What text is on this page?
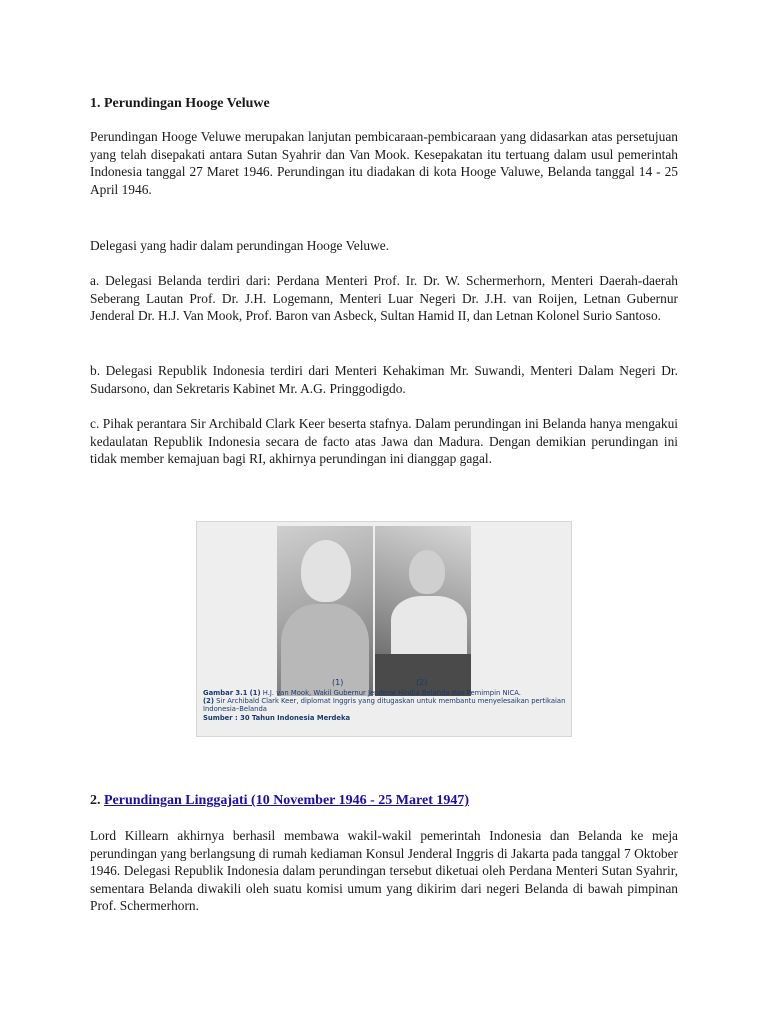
1. Perundingan Hooge Veluwe

Perundingan Hooge Veluwe merupakan lanjutan pembicaraan-pembicaraan yang didasarkan atas persetujuan yang telah disepakati antara Sutan Syahrir dan Van Mook. Kesepakatan itu tertuang dalam usul pemerintah Indonesia tanggal 27 Maret 1946. Perundingan itu diadakan di kota Hooge Valuwe, Belanda tanggal 14 - 25 April 1946.

Delegasi yang hadir dalam perundingan Hooge Veluwe.

a. Delegasi Belanda terdiri dari: Perdana Menteri Prof. Ir. Dr. W. Schermerhorn, Menteri Daerah-daerah Seberang Lautan Prof. Dr. J.H. Logemann, Menteri Luar Negeri Dr. J.H. van Roijen, Letnan Gubernur Jenderal Dr. H.J. Van Mook, Prof. Baron van Asbeck, Sultan Hamid II, dan Letnan Kolonel Surio Santoso.

b. Delegasi Republik Indonesia terdiri dari Menteri Kehakiman Mr. Suwandi, Menteri Dalam Negeri Dr. Sudarsono, dan Sekretaris Kabinet Mr. A.G. Pringgodigdo.

c. Pihak perantara Sir Archibald Clark Keer beserta stafnya. Dalam perundingan ini Belanda hanya mengakui kedaulatan Republik Indonesia secara de facto atas Jawa dan Madura. Dengan demikian perundingan ini tidak member kemajuan bagi RI, akhirnya perundingan ini dianggap gagal.

(1)	(2)
Gambar 3.1 (1) H.J. van Mook, Wakil Gubernur Jenderal Hindia Belanda dan Pemimpin NICA.
(2) Sir Archibald Clark Keer, diplomat Inggris yang ditugaskan untuk membantu menyelesaikan pertikaian Indonesia–Belanda
Sumber : 30 Tahun Indonesia Merdeka
2. Perundingan Linggajati (10 November 1946 - 25 Maret 1947)

Lord Killearn akhirnya berhasil membawa wakil-wakil pemerintah Indonesia dan Belanda ke meja perundingan yang berlangsung di rumah kediaman Konsul Jenderal Inggris di Jakarta pada tanggal 7 Oktober 1946. Delegasi Republik Indonesia dalam perundingan tersebut diketuai oleh Perdana Menteri Sutan Syahrir, sementara Belanda diwakili oleh suatu komisi umum yang dikirim dari negeri Belanda di bawah pimpinan Prof. Schermerhorn.
